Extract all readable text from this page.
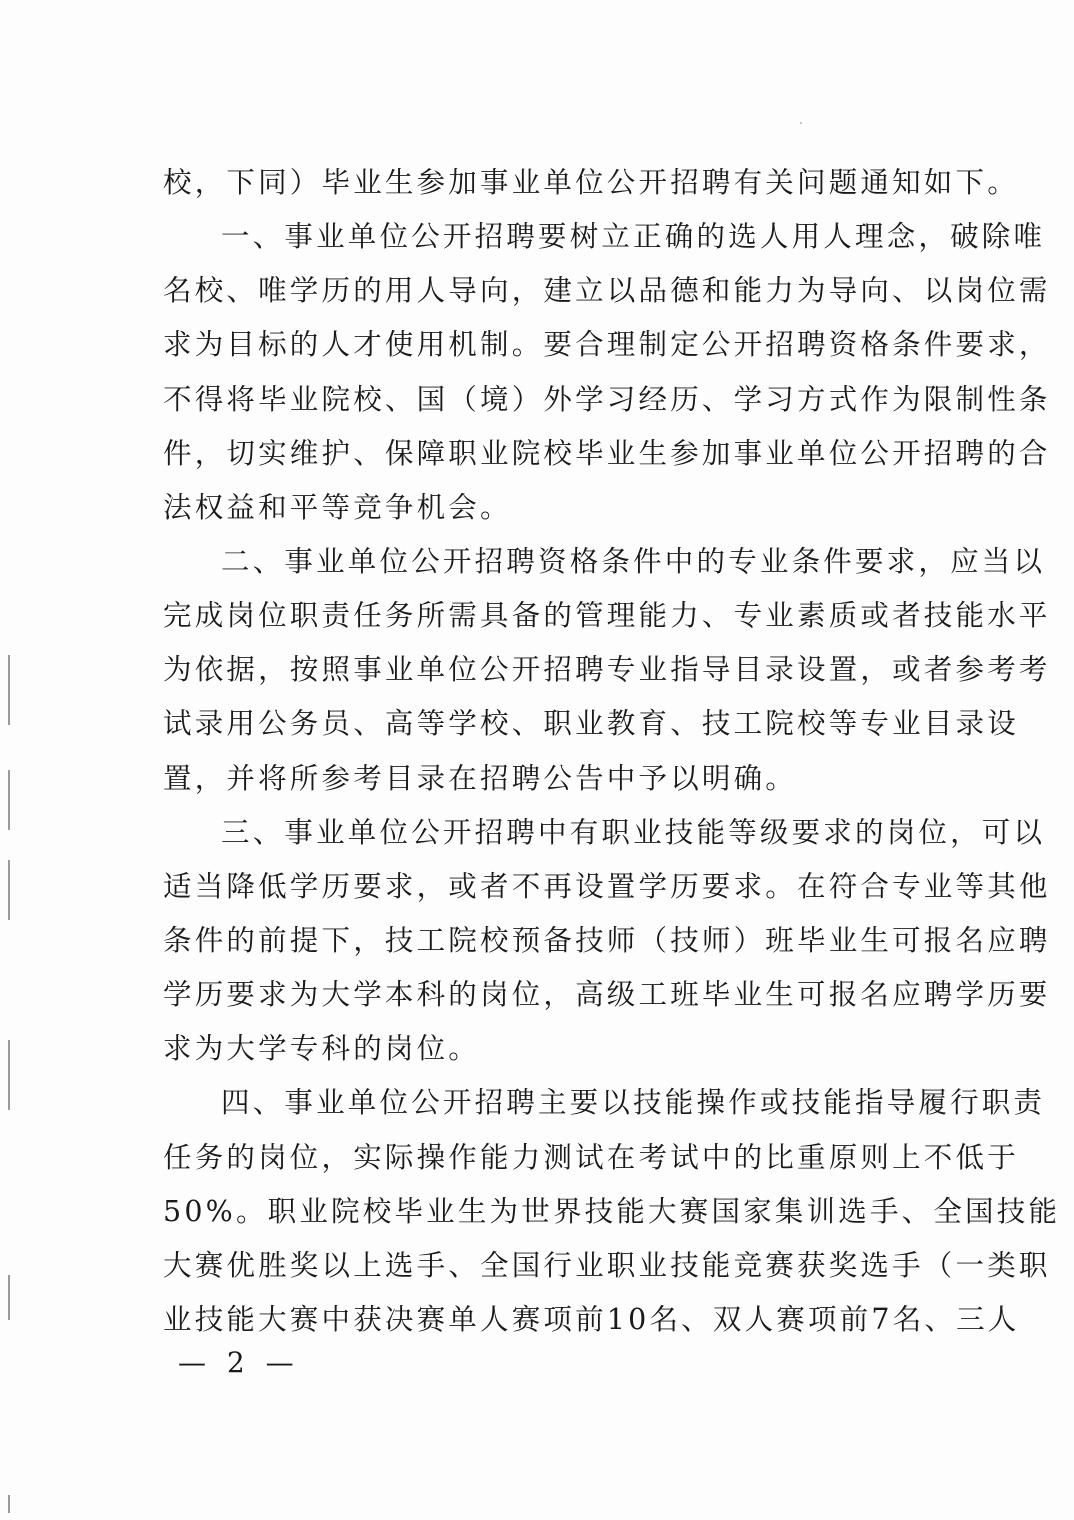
校，下同）毕业生参加事业单位公开招聘有关问题通知如下。
一、事业单位公开招聘要树立正确的选人用人理念，破除唯
名校、唯学历的用人导向，建立以品德和能力为导向、以岗位需
求为目标的人才使用机制。要合理制定公开招聘资格条件要求，
不得将毕业院校、国（境）外学习经历、学习方式作为限制性条
件，切实维护、保障职业院校毕业生参加事业单位公开招聘的合
法权益和平等竞争机会。
二、事业单位公开招聘资格条件中的专业条件要求，应当以
完成岗位职责任务所需具备的管理能力、专业素质或者技能水平
为依据，按照事业单位公开招聘专业指导目录设置，或者参考考
试录用公务员、高等学校、职业教育、技工院校等专业目录设
置，并将所参考目录在招聘公告中予以明确。
三、事业单位公开招聘中有职业技能等级要求的岗位，可以
适当降低学历要求，或者不再设置学历要求。在符合专业等其他
条件的前提下，技工院校预备技师（技师）班毕业生可报名应聘
学历要求为大学本科的岗位，高级工班毕业生可报名应聘学历要
求为大学专科的岗位。
四、事业单位公开招聘主要以技能操作或技能指导履行职责
任务的岗位，实际操作能力测试在考试中的比重原则上不低于
50%。职业院校毕业生为世界技能大赛国家集训选手、全国技能
大赛优胜奖以上选手、全国行业职业技能竞赛获奖选手（一类职
业技能大赛中获决赛单人赛项前10名、双人赛项前7名、三人
— 2 —
